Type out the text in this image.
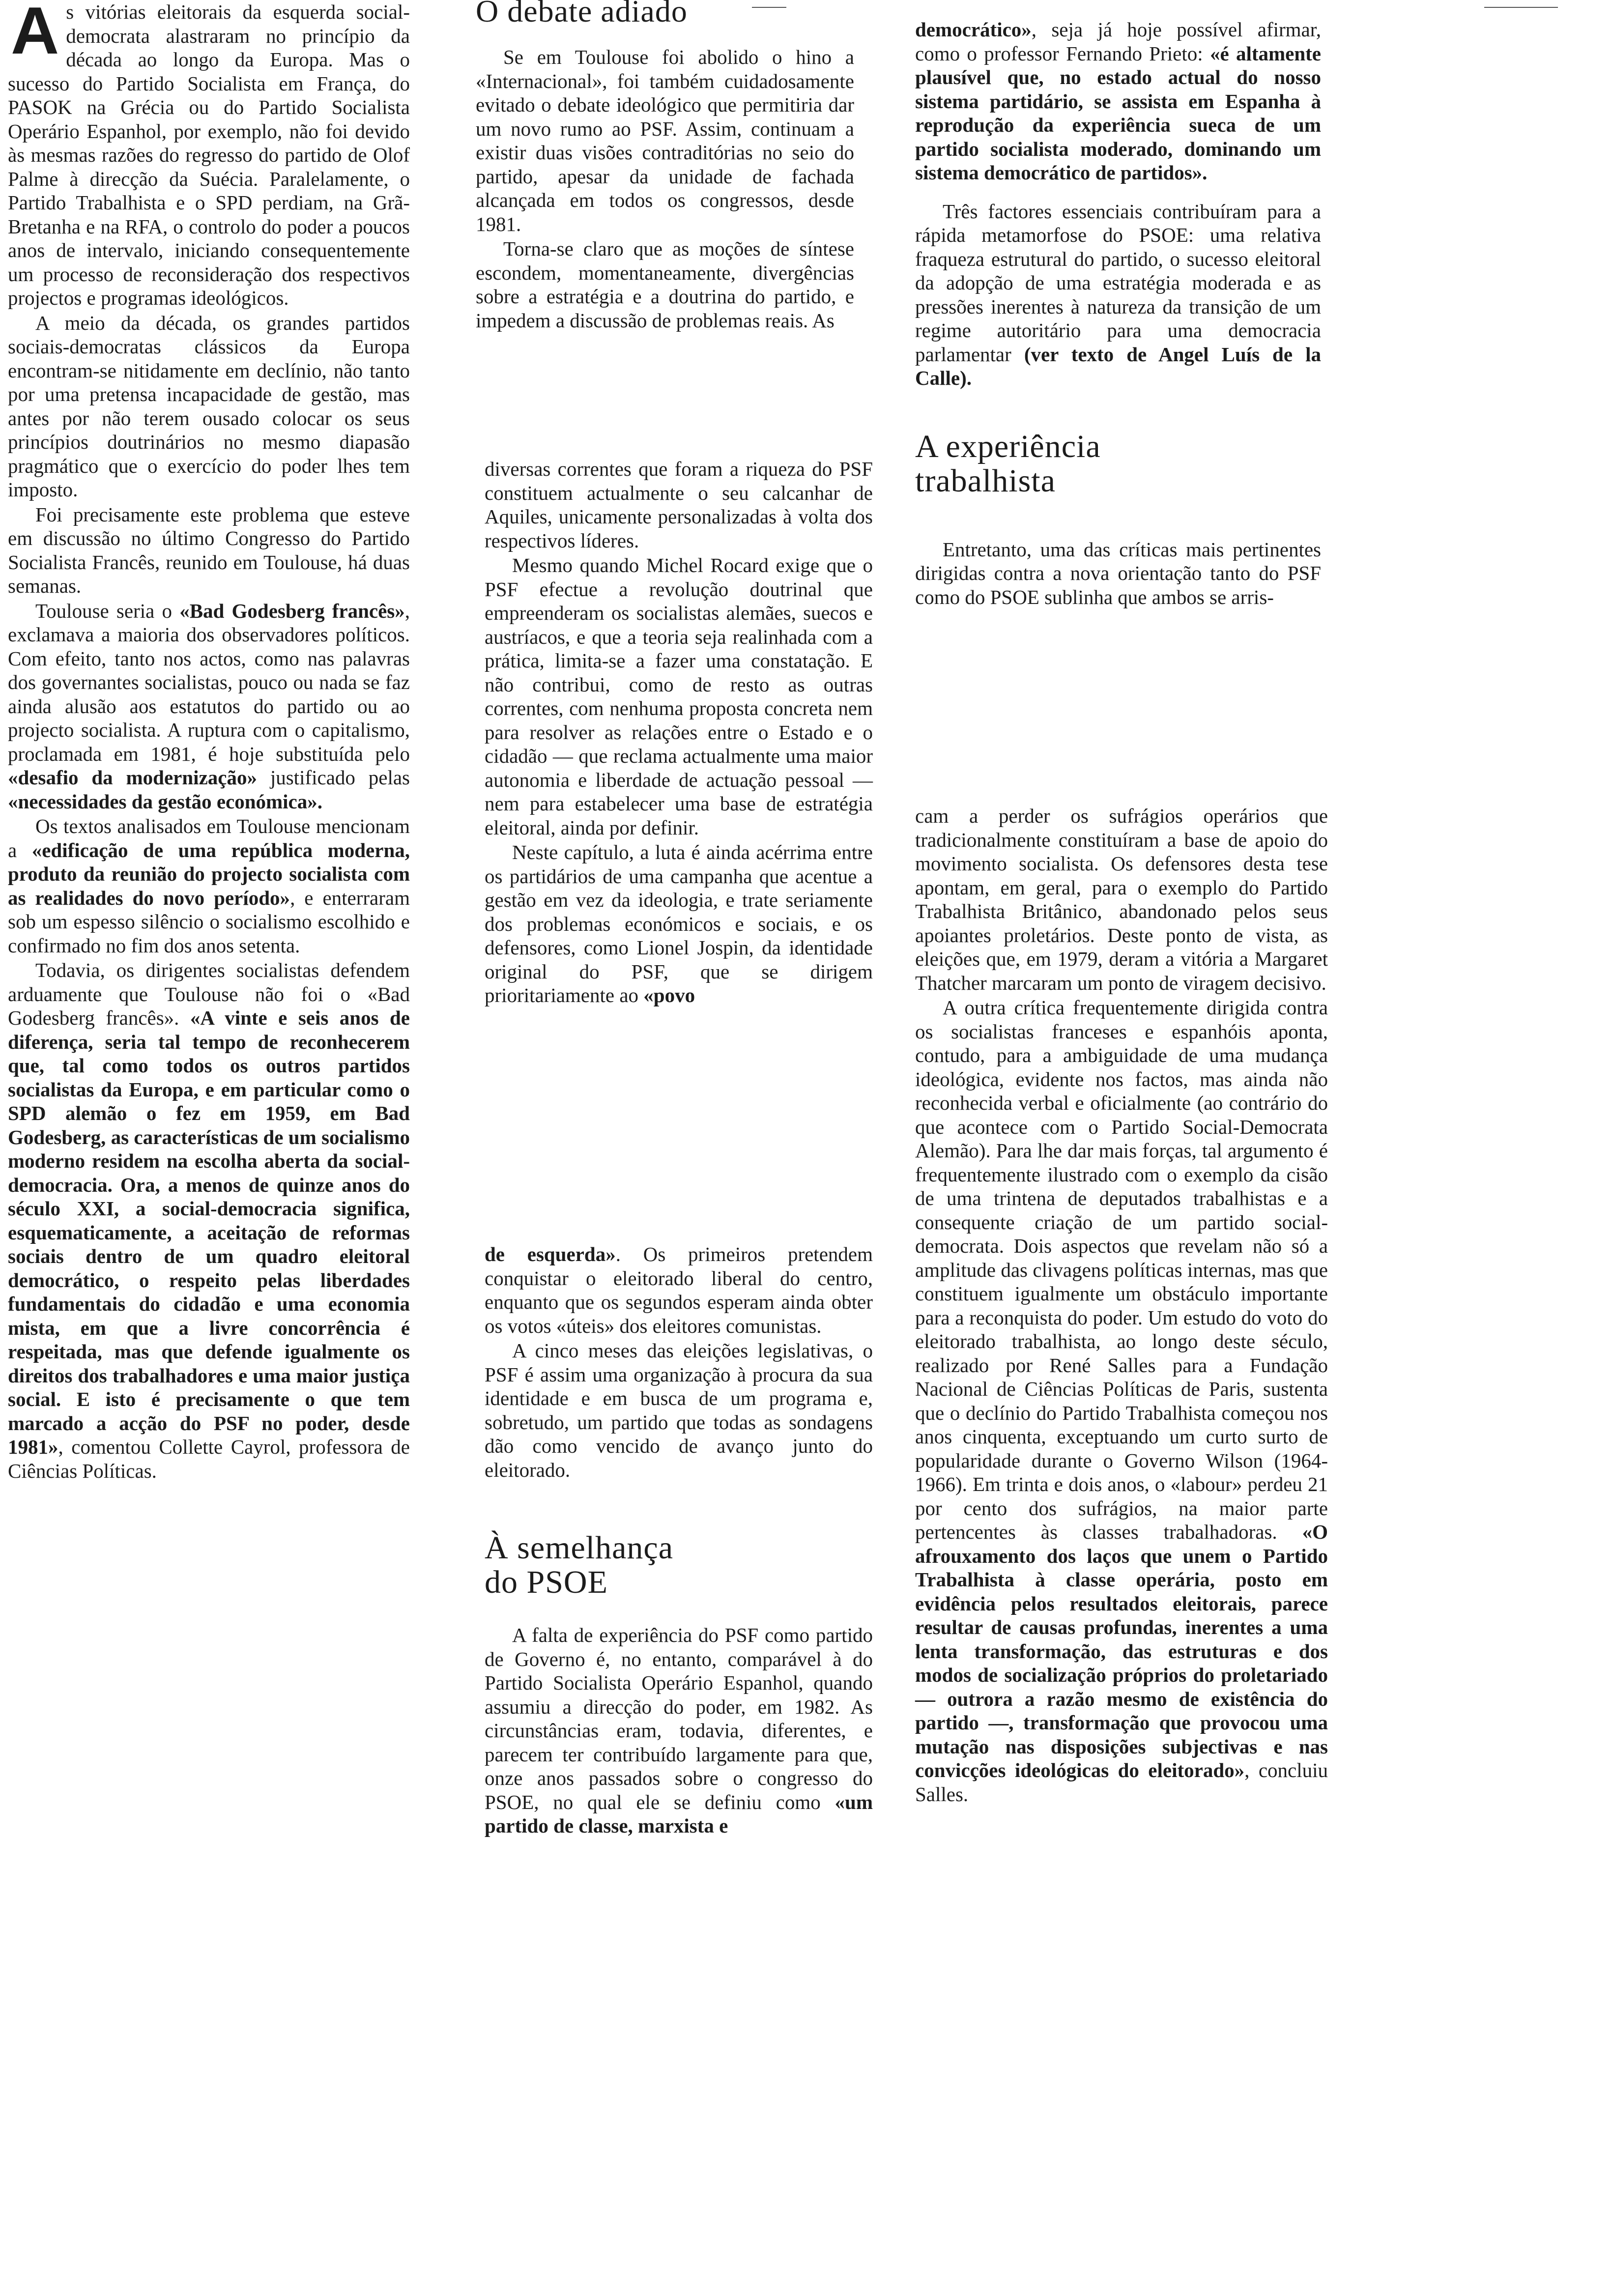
As vitórias eleitorais da esquerda social-democrata alastraram no princípio da década ao longo da Europa. Mas o sucesso do Partido Socialista em França, do PASOK na Grécia ou do Partido Socialista Operário Espanhol, por exemplo, não foi devido às mesmas razões do regresso do partido de Olof Palme à direcção da Suécia. Paralelamente, o Partido Trabalhista e o SPD perdiam, na Grã-Bretanha e na RFA, o controlo do poder a poucos anos de intervalo, iniciando consequentemente um processo de reconsideração dos respectivos projectos e programas ideológicos.

A meio da década, os grandes partidos sociais-democratas clássicos da Europa encontram-se nitidamente em declínio, não tanto por uma pretensa incapacidade de gestão, mas antes por não terem ousado colocar os seus princípios doutrinários no mesmo diapasão pragmático que o exercício do poder lhes tem imposto.

Foi precisamente este problema que esteve em discussão no último Congresso do Partido Socialista Francês, reunido em Toulouse, há duas semanas.

Toulouse seria o «Bad Godesberg francês», exclamava a maioria dos observadores políticos. Com efeito, tanto nos actos, como nas palavras dos governantes socialistas, pouco ou nada se faz ainda alusão aos estatutos do partido ou ao projecto socialista. A ruptura com o capitalismo, proclamada em 1981, é hoje substituída pelo «desafio da modernização» justificado pelas «necessidades da gestão económica».

Os textos analisados em Toulouse mencionam a «edificação de uma república moderna, produto da reunião do projecto socialista com as realidades do novo período», e enterraram sob um espesso silêncio o socialismo escolhido e confirmado no fim dos anos setenta.

Todavia, os dirigentes socialistas defendem arduamente que Toulouse não foi o «Bad Godesberg francês». «A vinte e seis anos de diferença, seria tal tempo de reconhecerem que, tal como todos os outros partidos socialistas da Europa, e em particular como o SPD alemão o fez em 1959, em Bad Godesberg, as características de um socialismo moderno residem na escolha aberta da social-democracia. Ora, a menos de quinze anos do século XXI, a social-democracia significa, esquematicamente, a aceitação de reformas sociais dentro de um quadro eleitoral democrático, o respeito pelas liberdades fundamentais do cidadão e uma economia mista, em que a livre concorrência é respeitada, mas que defende igualmente os direitos dos trabalhadores e uma maior justiça social. E isto é precisamente o que tem marcado a acção do PSF no poder, desde 1981», comentou Collette Cayrol, professora de Ciências Políticas.

O debate adiado

Se em Toulouse foi abolido o hino a «Internacional», foi também cuidadosamente evitado o debate ideológico que permitiria dar um novo rumo ao PSF. Assim, continuam a existir duas visões contraditórias no seio do partido, apesar da unidade de fachada alcançada em todos os congressos, desde 1981.

Torna-se claro que as moções de síntese escondem, momentaneamente, divergências sobre a estratégia e a doutrina do partido, e impedem a discussão de problemas reais. As

diversas correntes que foram a riqueza do PSF constituem actualmente o seu calcanhar de Aquiles, unicamente personalizadas à volta dos respectivos líderes.

Mesmo quando Michel Rocard exige que o PSF efectue a revolução doutrinal que empreenderam os socialistas alemães, suecos e austríacos, e que a teoria seja realinhada com a prática, limita-se a fazer uma constatação. E não contribui, como de resto as outras correntes, com nenhuma proposta concreta nem para resolver as relações entre o Estado e o cidadão — que reclama actualmente uma maior autonomia e liberdade de actuação pessoal — nem para estabelecer uma base de estratégia eleitoral, ainda por definir.

Neste capítulo, a luta é ainda acérrima entre os partidários de uma campanha que acentue a gestão em vez da ideologia, e trate seriamente dos problemas económicos e sociais, e os defensores, como Lionel Jospin, da identidade original do PSF, que se dirigem prioritariamente ao «povo

de esquerda». Os primeiros pretendem conquistar o eleitorado liberal do centro, enquanto que os segundos esperam ainda obter os votos «úteis» dos eleitores comunistas.

A cinco meses das eleições legislativas, o PSF é assim uma organização à procura da sua identidade e em busca de um programa e, sobretudo, um partido que todas as sondagens dão como vencido de avanço junto do eleitorado.

À semelhança
do PSOE

A falta de experiência do PSF como partido de Governo é, no entanto, comparável à do Partido Socialista Operário Espanhol, quando assumiu a direcção do poder, em 1982. As circunstâncias eram, todavia, diferentes, e parecem ter contribuído largamente para que, onze anos passados sobre o congresso do PSOE, no qual ele se definiu como «um partido de classe, marxista e

democrático», seja já hoje possível afirmar, como o professor Fernando Prieto: «é altamente plausível que, no estado actual do nosso sistema partidário, se assista em Espanha à reprodução da experiência sueca de um partido socialista moderado, dominando um sistema democrático de partidos».

Três factores essenciais contribuíram para a rápida metamorfose do PSOE: uma relativa fraqueza estrutural do partido, o sucesso eleitoral da adopção de uma estratégia moderada e as pressões inerentes à natureza da transição de um regime autoritário para uma democracia parlamentar (ver texto de Angel Luís de la Calle).

A experiência
trabalhista

Entretanto, uma das críticas mais pertinentes dirigidas contra a nova orientação tanto do PSF como do PSOE sublinha que ambos se arris-

cam a perder os sufrágios operários que tradicionalmente constituíram a base de apoio do movimento socialista. Os defensores desta tese apontam, em geral, para o exemplo do Partido Trabalhista Britânico, abandonado pelos seus apoiantes proletários. Deste ponto de vista, as eleições que, em 1979, deram a vitória a Margaret Thatcher marcaram um ponto de viragem decisivo.

A outra crítica frequentemente dirigida contra os socialistas franceses e espanhóis aponta, contudo, para a ambiguidade de uma mudança ideológica, evidente nos factos, mas ainda não reconhecida verbal e oficialmente (ao contrário do que acontece com o Partido Social-Democrata Alemão). Para lhe dar mais forças, tal argumento é frequentemente ilustrado com o exemplo da cisão de uma trintena de deputados trabalhistas e a consequente criação de um partido social-democrata. Dois aspectos que revelam não só a amplitude das clivagens políticas internas, mas que constituem igualmente um obstáculo importante para a reconquista do poder. Um estudo do voto do eleitorado trabalhista, ao longo deste século, realizado por René Salles para a Fundação Nacional de Ciências Políticas de Paris, sustenta que o declínio do Partido Trabalhista começou nos anos cinquenta, exceptuando um curto surto de popularidade durante o Governo Wilson (1964-1966). Em trinta e dois anos, o «labour» perdeu 21 por cento dos sufrágios, na maior parte pertencentes às classes trabalhadoras. «O afrouxamento dos laços que unem o Partido Trabalhista à classe operária, posto em evidência pelos resultados eleitorais, parece resultar de causas profundas, inerentes a uma lenta transformação, das estruturas e dos modos de socialização próprios do proletariado — outrora a razão mesmo de existência do partido —, transformação que provocou uma mutação nas disposições subjectivas e nas convicções ideológicas do eleitorado», concluiu Salles.
